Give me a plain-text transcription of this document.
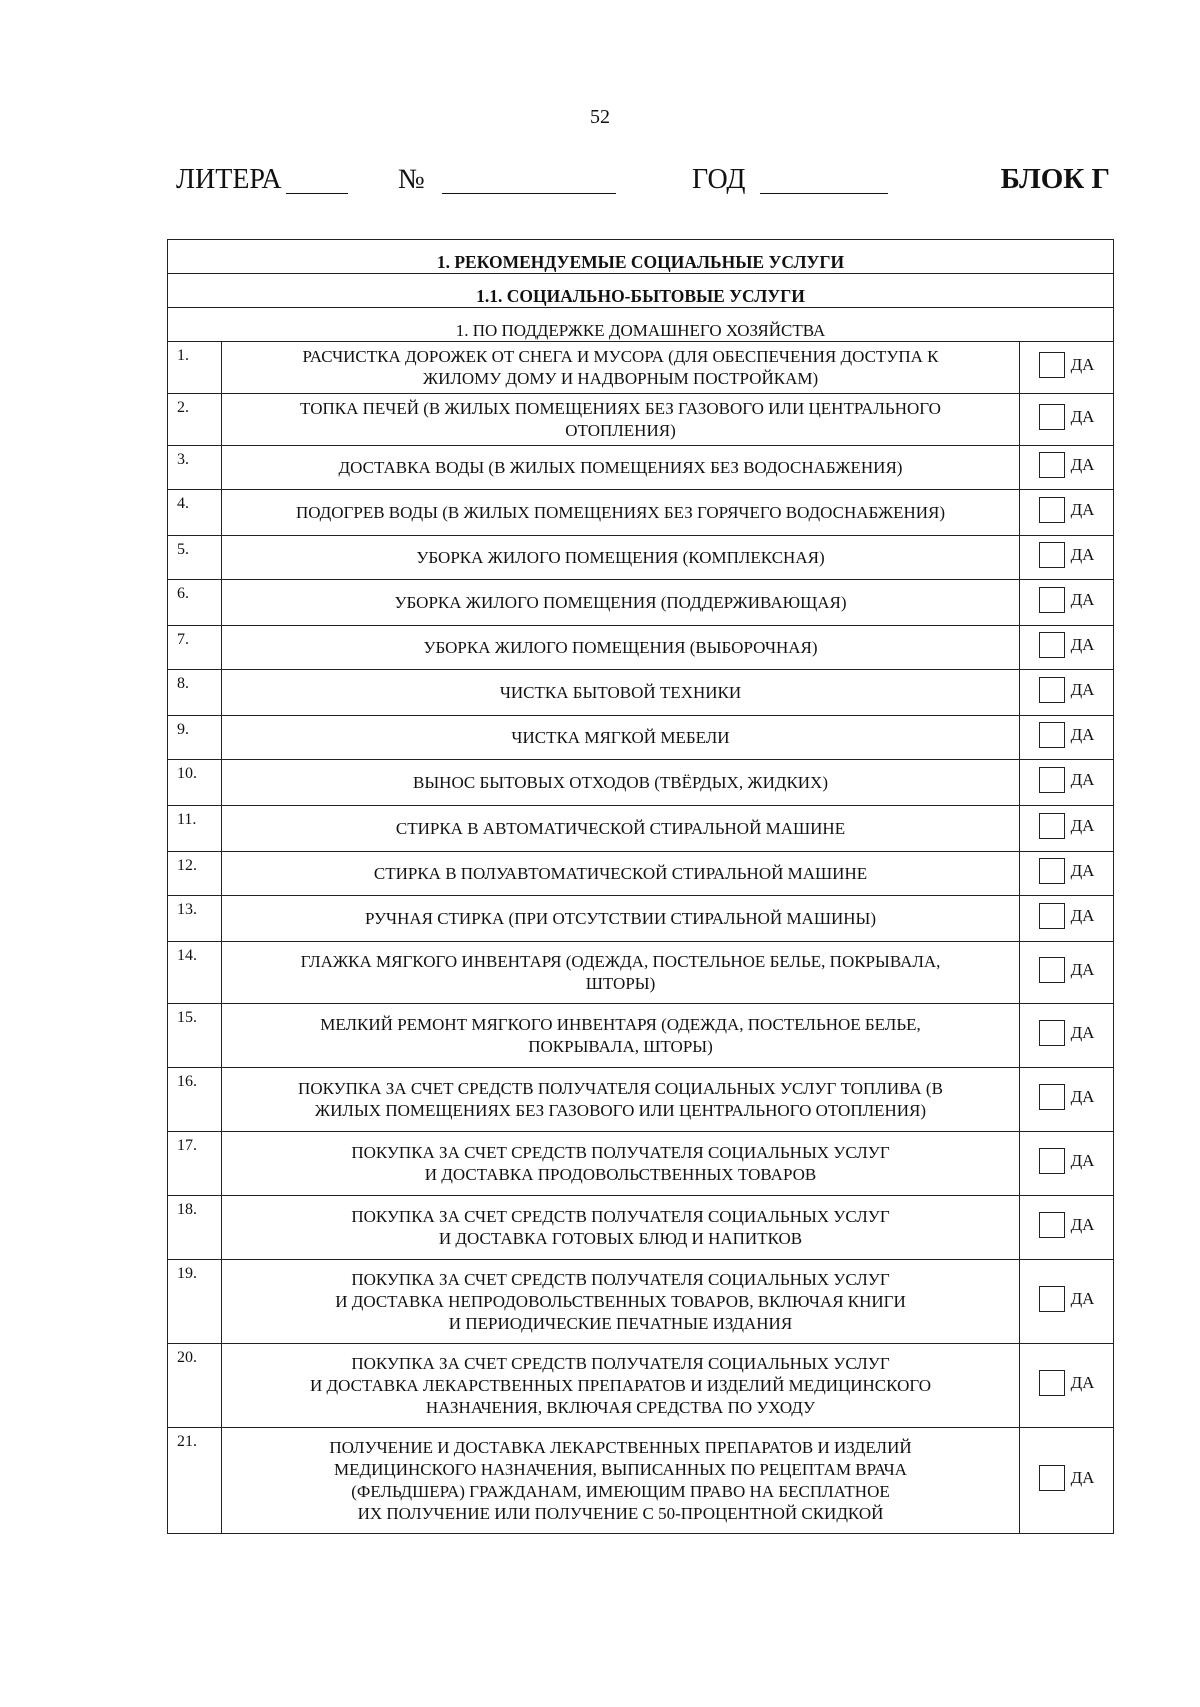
52
ЛИТЕРА	№	ГОД	БЛОК Г
1. РЕКОМЕНДУЕМЫЕ СОЦИАЛЬНЫЕ УСЛУГИ		
1.1. СОЦИАЛЬНО-БЫТОВЫЕ УСЛУГИ		
1. ПО ПОДДЕРЖКЕ ДОМАШНЕГО ХОЗЯЙСТВА		
1.	РАСЧИСТКА ДОРОЖЕК ОТ СНЕГА И МУСОРА (ДЛЯ ОБЕСПЕЧЕНИЯ ДОСТУПА К
ЖИЛОМУ ДОМУ И НАДВОРНЫМ ПОСТРОЙКАМ)	ДА

2.	ТОПКА ПЕЧЕЙ (В ЖИЛЫХ ПОМЕЩЕНИЯХ БЕЗ ГАЗОВОГО ИЛИ ЦЕНТРАЛЬНОГО
ОТОПЛЕНИЯ)	ДА

3.	ДОСТАВКА ВОДЫ (В ЖИЛЫХ ПОМЕЩЕНИЯХ БЕЗ ВОДОСНАБЖЕНИЯ)	ДА

4.	ПОДОГРЕВ ВОДЫ (В ЖИЛЫХ ПОМЕЩЕНИЯХ БЕЗ ГОРЯЧЕГО ВОДОСНАБЖЕНИЯ)	ДА

5.	УБОРКА ЖИЛОГО ПОМЕЩЕНИЯ (КОМПЛЕКСНАЯ)	ДА

6.	УБОРКА ЖИЛОГО ПОМЕЩЕНИЯ (ПОДДЕРЖИВАЮЩАЯ)	ДА

7.	УБОРКА ЖИЛОГО ПОМЕЩЕНИЯ (ВЫБОРОЧНАЯ)	ДА

8.	ЧИСТКА БЫТОВОЙ ТЕХНИКИ	ДА

9.	ЧИСТКА МЯГКОЙ МЕБЕЛИ	ДА

10.	ВЫНОС БЫТОВЫХ ОТХОДОВ (ТВЁРДЫХ, ЖИДКИХ)	ДА

11.	СТИРКА В АВТОМАТИЧЕСКОЙ СТИРАЛЬНОЙ МАШИНЕ	ДА

12.	СТИРКА В ПОЛУАВТОМАТИЧЕСКОЙ СТИРАЛЬНОЙ МАШИНЕ	ДА

13.	РУЧНАЯ СТИРКА (ПРИ ОТСУТСТВИИ СТИРАЛЬНОЙ МАШИНЫ)	ДА

14.	ГЛАЖКА МЯГКОГО ИНВЕНТАРЯ (ОДЕЖДА, ПОСТЕЛЬНОЕ БЕЛЬЕ, ПОКРЫВАЛА,
ШТОРЫ)	ДА

15.	МЕЛКИЙ РЕМОНТ МЯГКОГО ИНВЕНТАРЯ (ОДЕЖДА, ПОСТЕЛЬНОЕ БЕЛЬЕ,
ПОКРЫВАЛА, ШТОРЫ)	ДА

16.	ПОКУПКА ЗА СЧЕТ СРЕДСТВ ПОЛУЧАТЕЛЯ СОЦИАЛЬНЫХ УСЛУГ ТОПЛИВА (В
ЖИЛЫХ ПОМЕЩЕНИЯХ БЕЗ ГАЗОВОГО ИЛИ ЦЕНТРАЛЬНОГО ОТОПЛЕНИЯ)	ДА

17.	ПОКУПКА ЗА СЧЕТ СРЕДСТВ ПОЛУЧАТЕЛЯ СОЦИАЛЬНЫХ УСЛУГ
И ДОСТАВКА ПРОДОВОЛЬСТВЕННЫХ ТОВАРОВ	ДА

18.	ПОКУПКА ЗА СЧЕТ СРЕДСТВ ПОЛУЧАТЕЛЯ СОЦИАЛЬНЫХ УСЛУГ
И ДОСТАВКА ГОТОВЫХ БЛЮД И НАПИТКОВ	ДА

19.	ПОКУПКА ЗА СЧЕТ СРЕДСТВ ПОЛУЧАТЕЛЯ СОЦИАЛЬНЫХ УСЛУГ
И ДОСТАВКА НЕПРОДОВОЛЬСТВЕННЫХ ТОВАРОВ, ВКЛЮЧАЯ КНИГИ
И ПЕРИОДИЧЕСКИЕ ПЕЧАТНЫЕ ИЗДАНИЯ	ДА

20.	ПОКУПКА ЗА СЧЕТ СРЕДСТВ ПОЛУЧАТЕЛЯ СОЦИАЛЬНЫХ УСЛУГ
И ДОСТАВКА ЛЕКАРСТВЕННЫХ ПРЕПАРАТОВ И ИЗДЕЛИЙ МЕДИЦИНСКОГО
НАЗНАЧЕНИЯ, ВКЛЮЧАЯ СРЕДСТВА ПО УХОДУ	ДА

21.	ПОЛУЧЕНИЕ И ДОСТАВКА ЛЕКАРСТВЕННЫХ ПРЕПАРАТОВ И ИЗДЕЛИЙ
МЕДИЦИНСКОГО НАЗНАЧЕНИЯ, ВЫПИСАННЫХ ПО РЕЦЕПТАМ ВРАЧА
(ФЕЛЬДШЕРА) ГРАЖДАНАМ, ИМЕЮЩИМ ПРАВО НА БЕСПЛАТНОЕ
ИХ ПОЛУЧЕНИЕ ИЛИ ПОЛУЧЕНИЕ С 50-ПРОЦЕНТНОЙ СКИДКОЙ	ДА
